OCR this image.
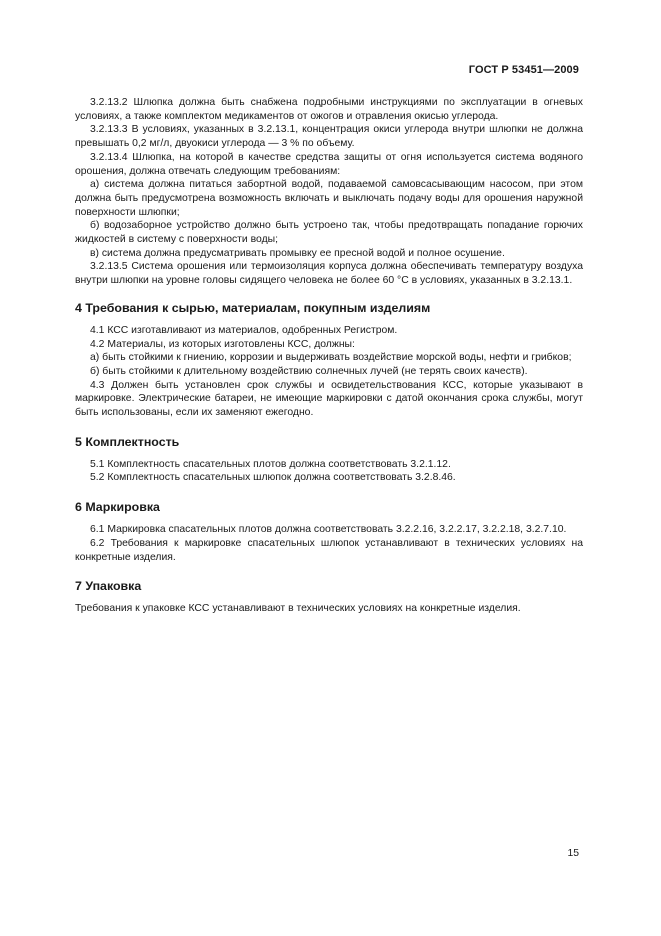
ГОСТ Р 53451—2009

3.2.13.2 Шлюпка должна быть снабжена подробными инструкциями по эксплуатации в огневых условиях, а также комплектом медикаментов от ожогов и отравления окисью углерода.

3.2.13.3 В условиях, указанных в 3.2.13.1, концентрация окиси углерода внутри шлюпки не должна превышать 0,2 мг/л, двуокиси углерода — 3 % по объему.

3.2.13.4 Шлюпка, на которой в качестве средства защиты от огня используется система водяного орошения, должна отвечать следующим требованиям:

а) система должна питаться забортной водой, подаваемой самовсасывающим насосом, при этом должна быть предусмотрена возможность включать и выключать подачу воды для орошения наружной поверхности шлюпки;

б) водозаборное устройство должно быть устроено так, чтобы предотвращать попадание горючих жидкостей в систему с поверхности воды;

в) система должна предусматривать промывку ее пресной водой и полное осушение.

3.2.13.5 Система орошения или термоизоляция корпуса должна обеспечивать температуру воздуха внутри шлюпки на уровне головы сидящего человека не более 60 °С в условиях, указанных в 3.2.13.1.

4 Требования к сырью, материалам, покупным изделиям

4.1 КСС изготавливают из материалов, одобренных Регистром.

4.2 Материалы, из которых изготовлены КСС, должны:

а) быть стойкими к гниению, коррозии и выдерживать воздействие морской воды, нефти и грибков;

б) быть стойкими к длительному воздействию солнечных лучей (не терять своих качеств).

4.3 Должен быть установлен срок службы и освидетельствования КСС, которые указывают в маркировке. Электрические батареи, не имеющие маркировки с датой окончания срока службы, могут быть использованы, если их заменяют ежегодно.

5 Комплектность

5.1 Комплектность спасательных плотов должна соответствовать 3.2.1.12.

5.2 Комплектность спасательных шлюпок должна соответствовать 3.2.8.46.

6 Маркировка

6.1 Маркировка спасательных плотов должна соответствовать 3.2.2.16, 3.2.2.17, 3.2.2.18, 3.2.7.10.

6.2 Требования к маркировке спасательных шлюпок устанавливают в технических условиях на конкретные изделия.

7 Упаковка

Требования к упаковке КСС устанавливают в технических условиях на конкретные изделия.

15
